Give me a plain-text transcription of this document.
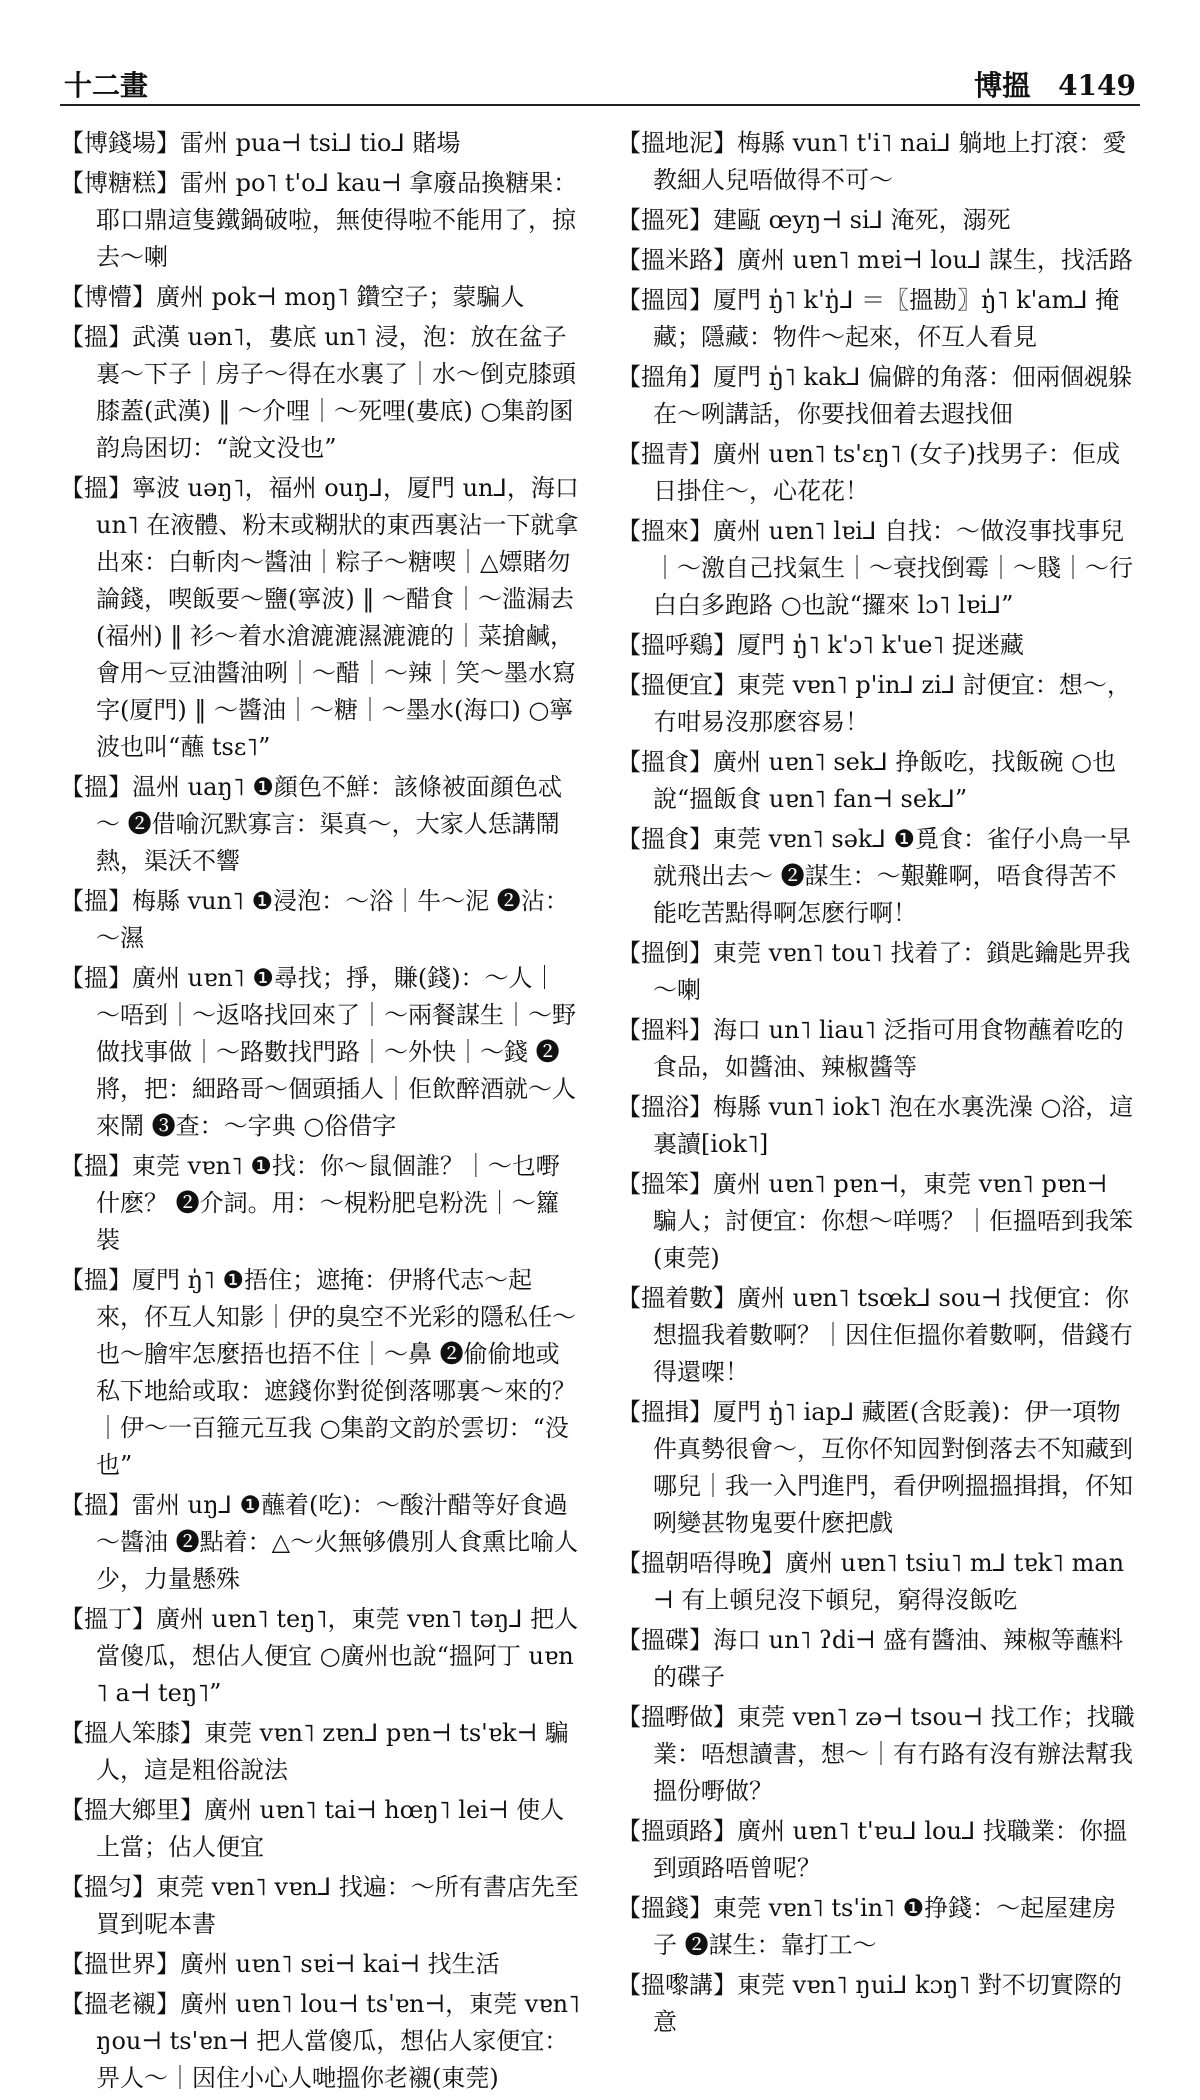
十二畫	博搵　4149

【博錢場】雷州 pua⊣ tsi⅃ tio⅃ 賭場

【博糖糕】雷州 po˥ t'o⅃ kau⊣ 拿廢品換糖果：耶口鼎這隻鐵鍋破啦，無使得啦不能用了，掠去～喇

【博懵】廣州 pok⊣ moŋ˥ 鑽空子；蒙騙人

【搵】武漢 uən˥，婁底 un˥ 浸，泡：放在盆子裏～下子｜房子～得在水裏了｜水～倒克膝頭膝蓋(武漢) ‖ ～介哩｜～死哩(婁底) ○集韵圂韵烏困切：“說文没也”

【搵】寧波 uəŋ˥，福州 ouŋ⅃，厦門 un⅃，海口 un˥ 在液體、粉末或糊狀的東西裏沾一下就拿出來：白斬肉～醬油｜粽子～糖喫｜△嫖賭勿論錢，喫飯要～鹽(寧波) ‖ ～醋食｜～滥漏去(福州) ‖ 衫～着水滄漉漉濕漉漉的｜菜搶鹹，會用～豆油醬油咧｜～醋｜～辣｜笑～墨水寫字(厦門) ‖ ～醬油｜～糖｜～墨水(海口) ○寧波也叫“蘸 tsɛ˥”

【搵】温州 uaŋ˥ ❶顔色不鮮：該條被面顔色忒～ ❷借喻沉默寡言：渠真～，大家人恁講鬧熱，渠沃不響

【搵】梅縣 vun˥ ❶浸泡：～浴｜牛～泥 ❷沾：～濕

【搵】廣州 uɐn˥ ❶尋找；掙，賺(錢)：～人｜～唔到｜～返咯找回來了｜～兩餐謀生｜～野做找事做｜～路數找門路｜～外快｜～錢 ❷將，把：細路哥～個頭插人｜佢飲醉酒就～人來鬧 ❸查：～字典 ○俗借字

【搵】東莞 vɐn˥ ❶找：你～鼠個誰？｜～乜嘢什麽？ ❷介詞。用：～梘粉肥皂粉洗｜～籮裝

【搵】厦門 ŋ̍˥ ❶捂住；遮掩：伊將代志～起來，伓互人知影｜伊的臭空不光彩的隱私任～也～膾牢怎麼捂也捂不住｜～鼻 ❷偷偷地或私下地給或取：遮錢你對從倒落哪裏～來的？｜伊～一百箍元互我 ○集韵文韵於雲切：“没也”

【搵】雷州 uŋ⅃ ❶蘸着(吃)：～酸汁醋等好食過～醬油 ❷點着：△～火無够儂別人食熏比喻人少，力量懸殊

【搵丁】廣州 uɐn˥ teŋ˥，東莞 vɐn˥ təŋ⅃ 把人當傻瓜，想佔人便宜 ○廣州也說“搵阿丁 uɐn˥ a⊣ teŋ˥”

【搵人笨膝】東莞 vɐn˥ zɐn⅃ pɐn⊣ ts'ɐk⊣ 騙人，這是粗俗說法

【搵大鄉里】廣州 uɐn˥ tai⊣ hœŋ˥ lei⊣ 使人上當；佔人便宜

【搵匀】東莞 vɐn˥ vɐn⅃ 找遍：～所有書店先至買到呢本書

【搵世界】廣州 uɐn˥ sɐi⊣ kai⊣ 找生活

【搵老襯】廣州 uɐn˥ lou⊣ ts'ɐn⊣，東莞 vɐn˥ ŋou⊣ ts'ɐn⊣ 把人當傻瓜，想佔人家便宜：畀人～｜因住小心人哋搵你老襯(東莞)

【搵地泥】梅縣 vun˥ t'i˥ nai⅃ 躺地上打滾：愛教細人兒唔做得不可～

【搵死】建甌 œyŋ⊣ si⅃ 淹死，溺死

【搵米路】廣州 uɐn˥ mɐi⊣ lou⅃ 謀生，找活路

【搵囥】厦門 ŋ̍˥ k'ŋ̍⅃ ＝〖搵勘〗ŋ̍˥ k'am⅃ 掩藏；隱藏：物件～起來，伓互人看見

【搵角】厦門 ŋ̍˥ kak⅃ 偏僻的角落：佃兩個覕躲在～咧講話，你要找佃着去遐找佃

【搵青】廣州 uɐn˥ ts'ɛŋ˥ (女子)找男子：佢成日掛住～，心花花！

【搵來】廣州 uɐn˥ lɐi⅃ 自找：～做沒事找事兒｜～激自己找氣生｜～衰找倒霉｜～賤｜～行白白多跑路 ○也說“攞來 lɔ˥ lɐi⅃”

【搵呼鷄】厦門 ŋ̍˥ k'ɔ˥ k'ue˥ 捉迷藏

【搵便宜】東莞 vɐn˥ p'in⅃ zi⅃ 討便宜：想～，冇咁易沒那麽容易！

【搵食】廣州 uɐn˥ sek⅃ 挣飯吃，找飯碗 ○也說“搵飯食 uɐn˥ fan⊣ sek⅃”

【搵食】東莞 vɐn˥ sək⅃ ❶覓食：雀仔小鳥一早就飛出去～ ❷謀生：～艱難啊，唔食得苦不能吃苦點得啊怎麽行啊！

【搵倒】東莞 vɐn˥ tou˥ 找着了：鎖匙鑰匙畀我～喇

【搵料】海口 un˥ liau˥ 泛指可用食物蘸着吃的食品，如醬油、辣椒醬等

【搵浴】梅縣 vun˥ iok˥ 泡在水裏洗澡 ○浴，這裏讀[iok˥]

【搵笨】廣州 uɐn˥ pɐn⊣，東莞 vɐn˥ pɐn⊣ 騙人；討便宜：你想～咩嗎？｜佢搵唔到我笨(東莞)

【搵着數】廣州 uɐn˥ tsœk⅃ sou⊣ 找便宜：你想搵我着數啊？｜因住佢搵你着數啊，借錢冇得還㗎！

【搵揖】厦門 ŋ̍˥ iap⅃ 藏匿(含貶義)：伊一項物件真勢很會～，互你伓知囥對倒落去不知藏到哪兒｜我一入門進門，看伊咧搵搵揖揖，伓知咧變甚物鬼要什麽把戲

【搵朝唔得晚】廣州 uɐn˥ tsiu˥ m⅃ tɐk˥ man⊣ 有上頓兒沒下頓兒，窮得沒飯吃

【搵碟】海口 un˥ ʔdi⊣ 盛有醬油、辣椒等蘸料的碟子

【搵嘢做】東莞 vɐn˥ zə⊣ tsou⊣ 找工作；找職業：唔想讀書，想～｜有冇路有沒有辦法幫我搵份嘢做？

【搵頭路】廣州 uɐn˥ t'ɐu⅃ lou⅃ 找職業：你搵到頭路唔曾呢？

【搵錢】東莞 vɐn˥ ts'in˥ ❶挣錢：～起屋建房子 ❷謀生：靠打工～

【搵嚟講】東莞 vɐn˥ ŋui⅃ kɔŋ˥ 對不切實際的意
